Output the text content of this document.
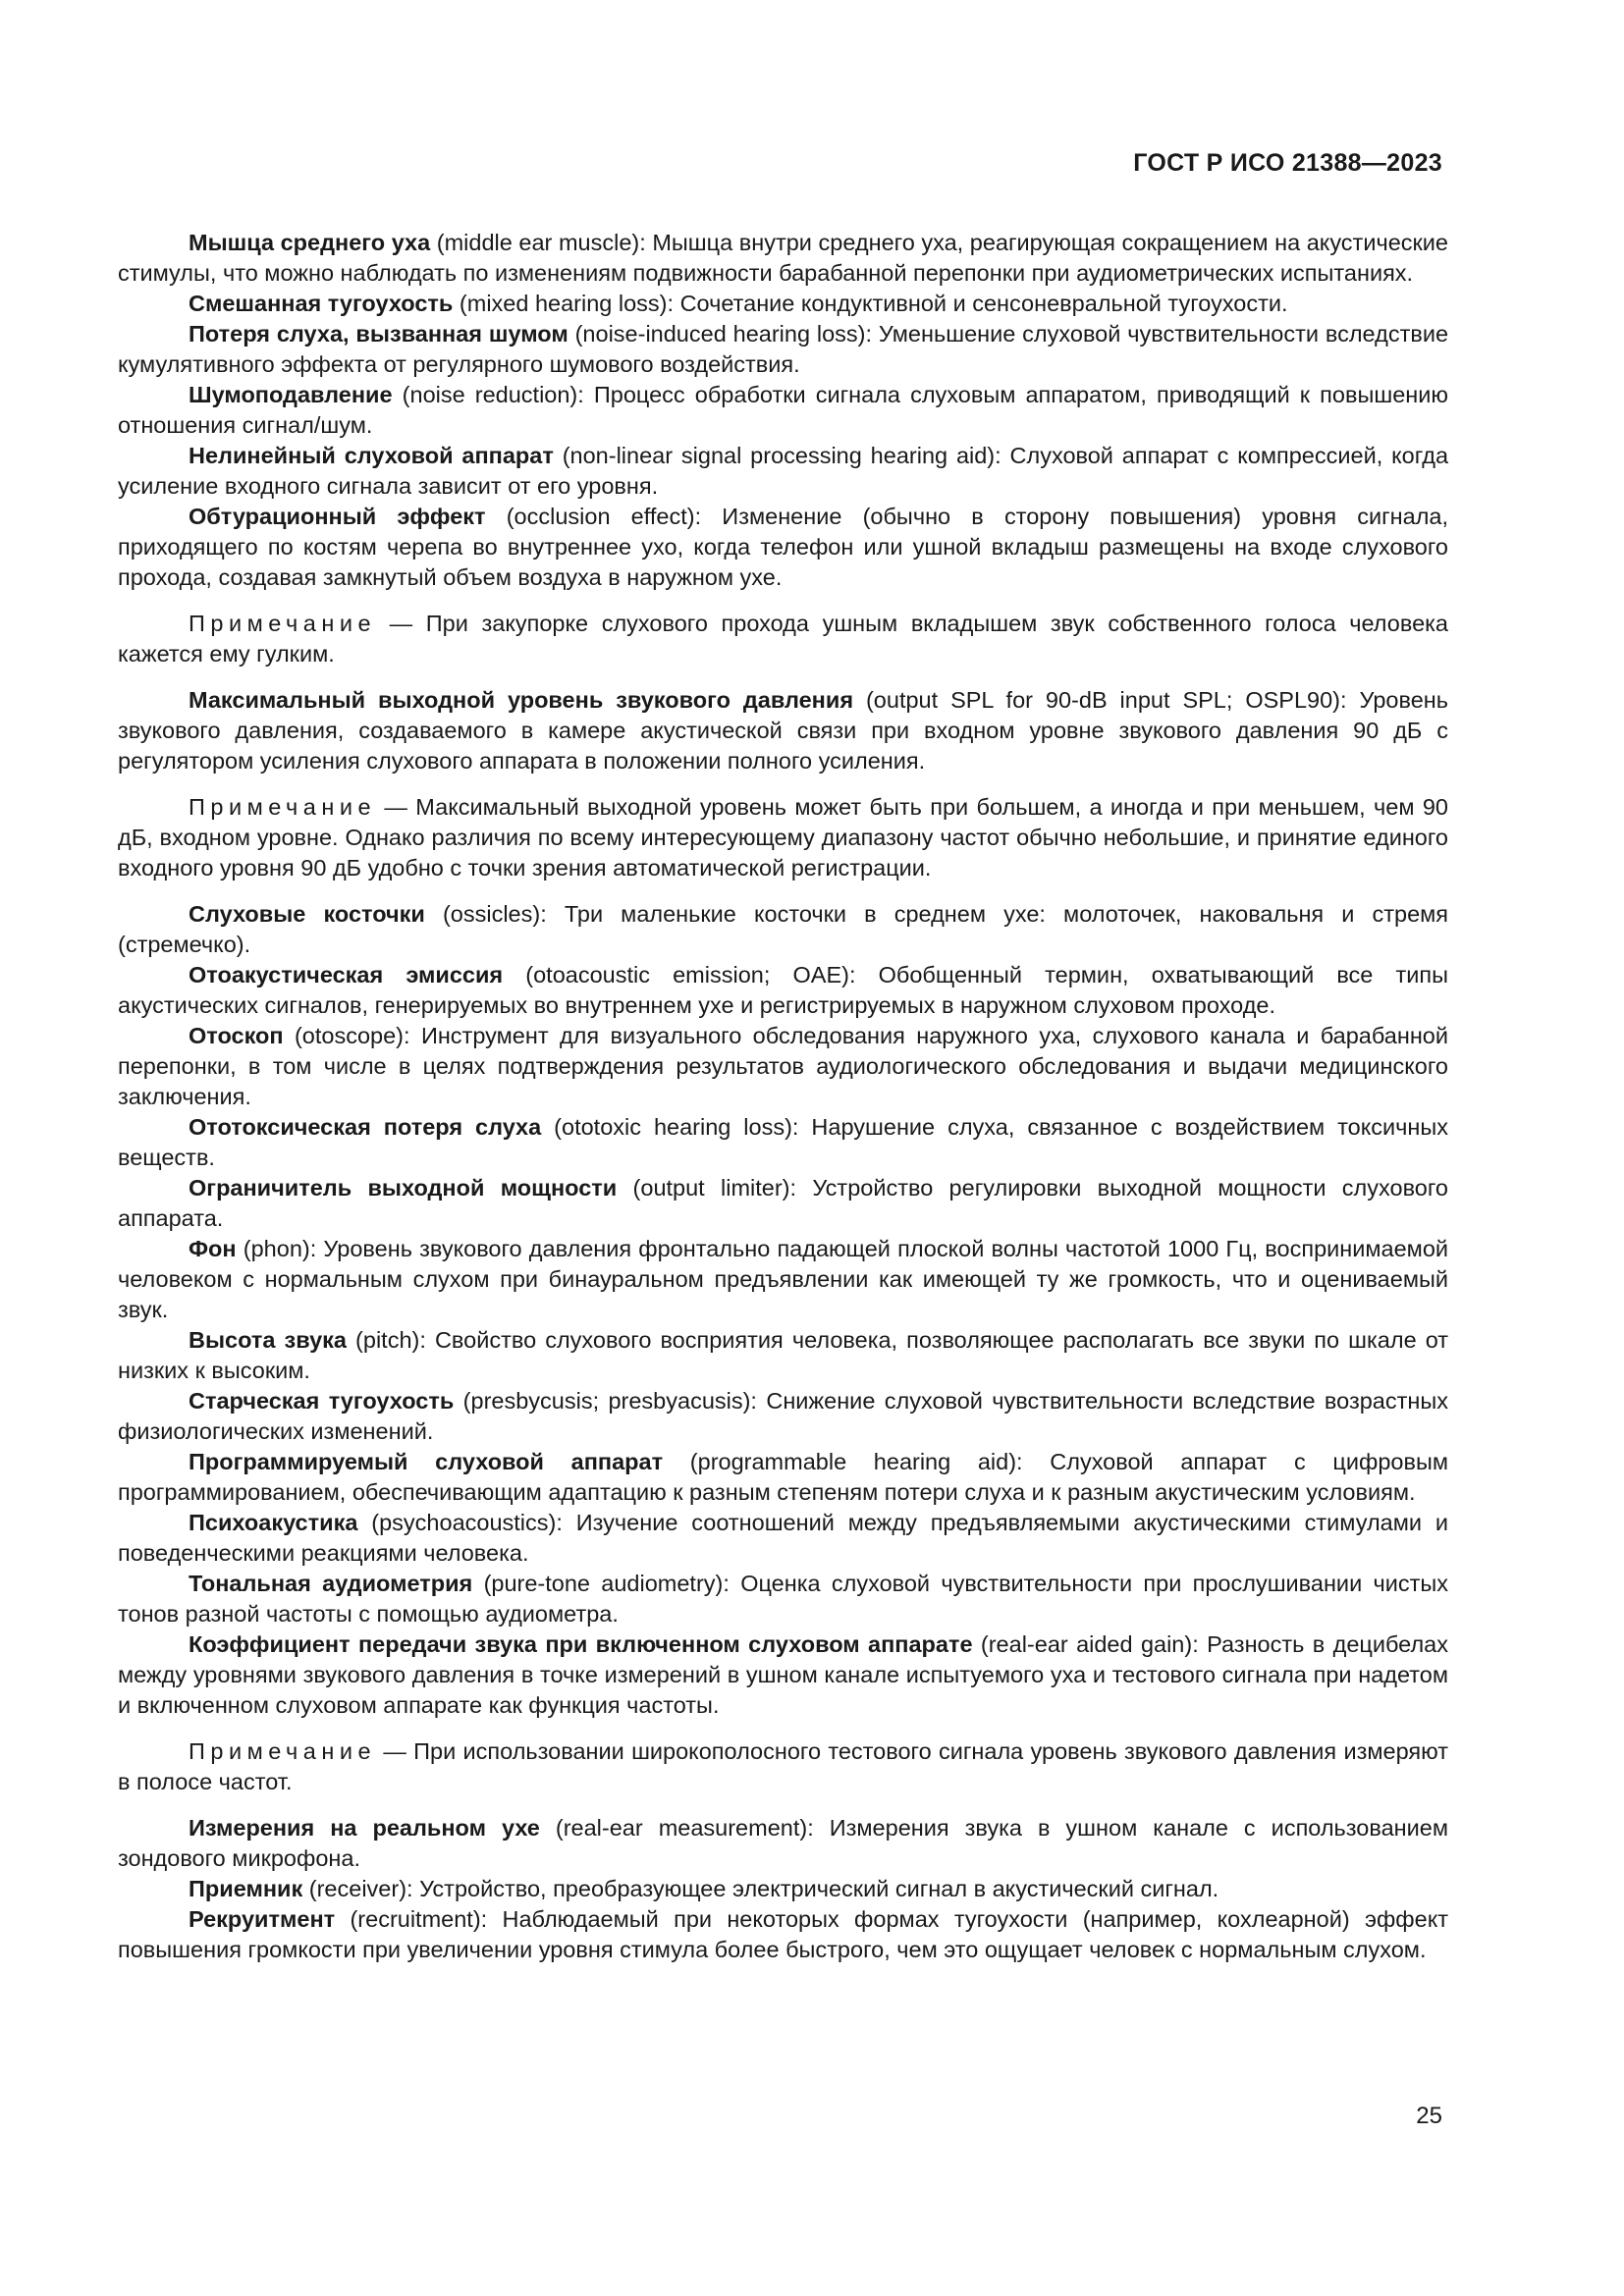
ГОСТ Р ИСО 21388—2023

Мышца среднего уха (middle ear muscle): Мышца внутри среднего уха, реагирующая сокращением на акустические стимулы, что можно наблюдать по изменениям подвижности барабанной перепонки при аудиометрических испытаниях.

Смешанная тугоухость (mixed hearing loss): Сочетание кондуктивной и сенсоневральной тугоухости.

Потеря слуха, вызванная шумом (noise-induced hearing loss): Уменьшение слуховой чувствительности вследствие кумулятивного эффекта от регулярного шумового воздействия.

Шумоподавление (noise reduction): Процесс обработки сигнала слуховым аппаратом, приводящий к повышению отношения сигнал/шум.

Нелинейный слуховой аппарат (non-linear signal processing hearing aid): Слуховой аппарат с компрессией, когда усиление входного сигнала зависит от его уровня.

Обтурационный эффект (occlusion effect): Изменение (обычно в сторону повышения) уровня сигнала, приходящего по костям черепа во внутреннее ухо, когда телефон или ушной вкладыш размещены на входе слухового прохода, создавая замкнутый объем воздуха в наружном ухе.

Примечание — При закупорке слухового прохода ушным вкладышем звук собственного голоса человека кажется ему гулким.

Максимальный выходной уровень звукового давления (output SPL for 90-dB input SPL; OSPL90): Уровень звукового давления, создаваемого в камере акустической связи при входном уровне звукового давления 90 дБ с регулятором усиления слухового аппарата в положении полного усиления.

Примечание — Максимальный выходной уровень может быть при большем, а иногда и при меньшем, чем 90 дБ, входном уровне. Однако различия по всему интересующему диапазону частот обычно небольшие, и принятие единого входного уровня 90 дБ удобно с точки зрения автоматической регистрации.

Слуховые косточки (ossicles): Три маленькие косточки в среднем ухе: молоточек, наковальня и стремя (стремечко).

Отоакустическая эмиссия (otoacoustic emission; OAE): Обобщенный термин, охватывающий все типы акустических сигналов, генерируемых во внутреннем ухе и регистрируемых в наружном слуховом проходе.

Отоскоп (otoscope): Инструмент для визуального обследования наружного уха, слухового канала и барабанной перепонки, в том числе в целях подтверждения результатов аудиологического обследования и выдачи медицинского заключения.

Ототоксическая потеря слуха (ototoxic hearing loss): Нарушение слуха, связанное с воздействием токсичных веществ.

Ограничитель выходной мощности (output limiter): Устройство регулировки выходной мощности слухового аппарата.

Фон (phon): Уровень звукового давления фронтально падающей плоской волны частотой 1000 Гц, воспринимаемой человеком с нормальным слухом при бинауральном предъявлении как имеющей ту же громкость, что и оцениваемый звук.

Высота звука (pitch): Свойство слухового восприятия человека, позволяющее располагать все звуки по шкале от низких к высоким.

Старческая тугоухость (presbycusis; presbyacusis): Снижение слуховой чувствительности вследствие возрастных физиологических изменений.

Программируемый слуховой аппарат (programmable hearing aid): Слуховой аппарат с цифровым программированием, обеспечивающим адаптацию к разным степеням потери слуха и к разным акустическим условиям.

Психоакустика (psychoacoustics): Изучение соотношений между предъявляемыми акустическими стимулами и поведенческими реакциями человека.

Тональная аудиометрия (pure-tone audiometry): Оценка слуховой чувствительности при прослушивании чистых тонов разной частоты с помощью аудиометра.

Коэффициент передачи звука при включенном слуховом аппарате (real-ear aided gain): Разность в децибелах между уровнями звукового давления в точке измерений в ушном канале испытуемого уха и тестового сигнала при надетом и включенном слуховом аппарате как функция частоты.

Примечание — При использовании широкополосного тестового сигнала уровень звукового давления измеряют в полосе частот.

Измерения на реальном ухе (real-ear measurement): Измерения звука в ушном канале с использованием зондового микрофона.

Приемник (receiver): Устройство, преобразующее электрический сигнал в акустический сигнал.

Рекруитмент (recruitment): Наблюдаемый при некоторых формах тугоухости (например, кохлеарной) эффект повышения громкости при увеличении уровня стимула более быстрого, чем это ощущает человек с нормальным слухом.

25
